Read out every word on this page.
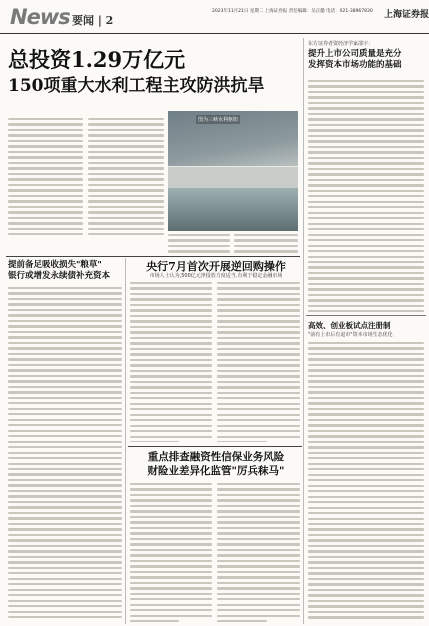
News 要闻 | 2
2023年11月21日 星期二 上海证券报 责任编辑：吴正懿 电话：021-38967830	上海证券报
总投资1.29万亿元
150项重大水利工程主攻防洪抗旱
图为三峡水利枢纽
东方证券者资经济学家邵宇：
提升上市公司质量是充分
发挥资本市场功能的基础
高效、创业板试点注册制
"前有上市后有退市"资本市场生态优化
提前备足吸收损失"粮草"
银行或增发永续债补充资本
央行7月首次开展逆回购操作
市场人士认为,500亿元净投放力度适当,有利于稳定金融市场
重点排查融资性信保业务风险
财险业差异化监管"厉兵秣马"
